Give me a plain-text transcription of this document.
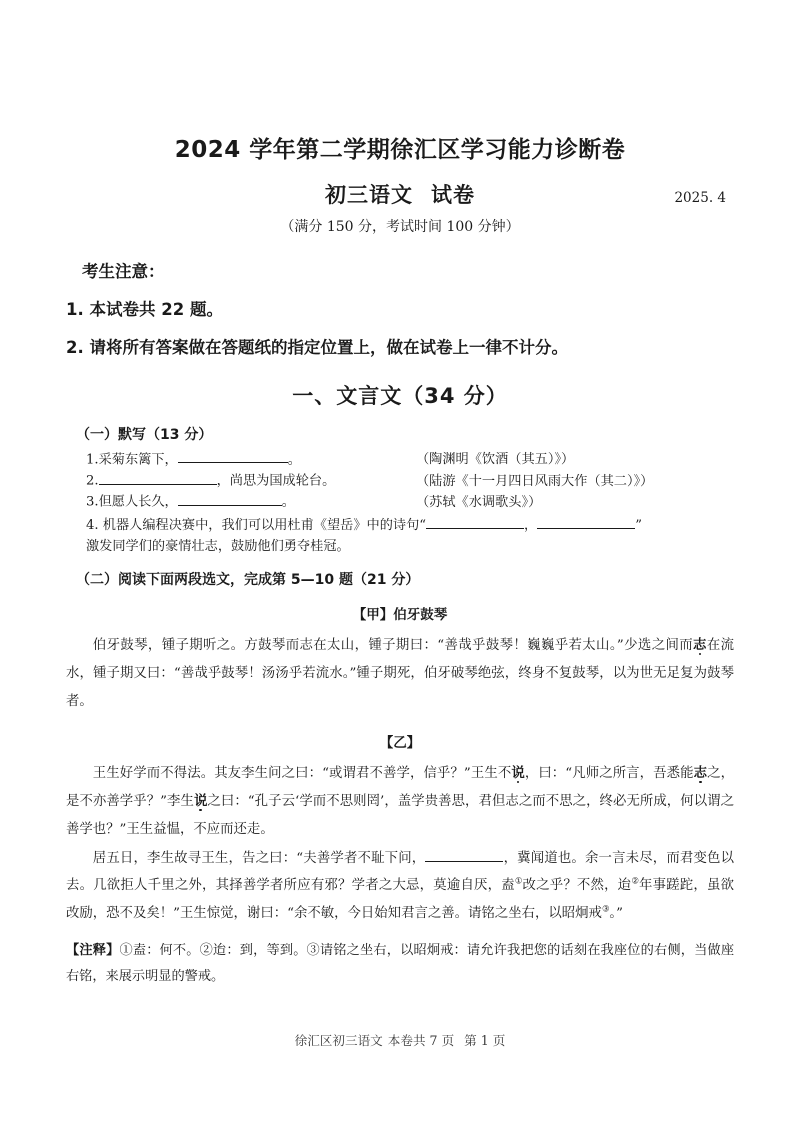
2024 学年第二学期徐汇区学习能力诊断卷
初三语文 试卷	2025. 4
（满分 150 分，考试时间 100 分钟）
考生注意：
1. 本试卷共 22 题。
2. 请将所有答案做在答题纸的指定位置上，做在试卷上一律不计分。
一、文言文（34 分）
（一）默写（13 分）
1.采菊东篱下，	。	（陶渊明《饮酒（其五）》）
2.	，尚思为国成轮台。	（陆游《十一月四日风雨大作（其二）》）
3.但愿人长久，	。	（苏轼《水调歌头》）
4. 机器人编程决赛中，我们可以用杜甫《望岳》中的诗句“	，	”
激发同学们的豪情壮志，鼓励他们勇夺桂冠。
（二）阅读下面两段选文，完成第 5—10 题（21 分）
【甲】伯牙鼓琴

伯牙鼓琴，锺子期听之。方鼓琴而志在太山，锺子期曰：“善哉乎鼓琴！巍巍乎若太山。”少选之间而志在流水，锺子期又曰：“善哉乎鼓琴！汤汤乎若流水。”锺子期死，伯牙破琴绝弦，终身不复鼓琴，以为世无足复为鼓琴者。

【乙】

王生好学而不得法。其友李生问之曰：“或谓君不善学，信乎？”王生不说，曰：“凡师之所言，吾悉能志之，是不亦善学乎？”李生说之曰：“孔子云‘学而不思则罔’，盖学贵善思，君但志之而不思之，终必无所成，何以谓之善学也？”王生益愠，不应而还走。

居五日，李生故寻王生，告之曰：“夫善学者不耻下问，	，冀闻道也。余一言未尽，而君变色以去。几欲拒人千里之外，其择善学者所应有邪？学者之大忌，莫逾自厌，盍①改之乎？不然，迨②年事蹉跎，虽欲改励，恐不及矣！”王生惊觉，谢曰：“余不敏，今日始知君言之善。请铭之坐右，以昭炯戒③。”

【注释】①盍：何不。②迨：到，等到。③请铭之坐右，以昭炯戒：请允许我把您的话刻在我座位的右侧，当做座右铭，来展示明显的警戒。
徐汇区初三语文 本卷共 7 页 第 1 页
